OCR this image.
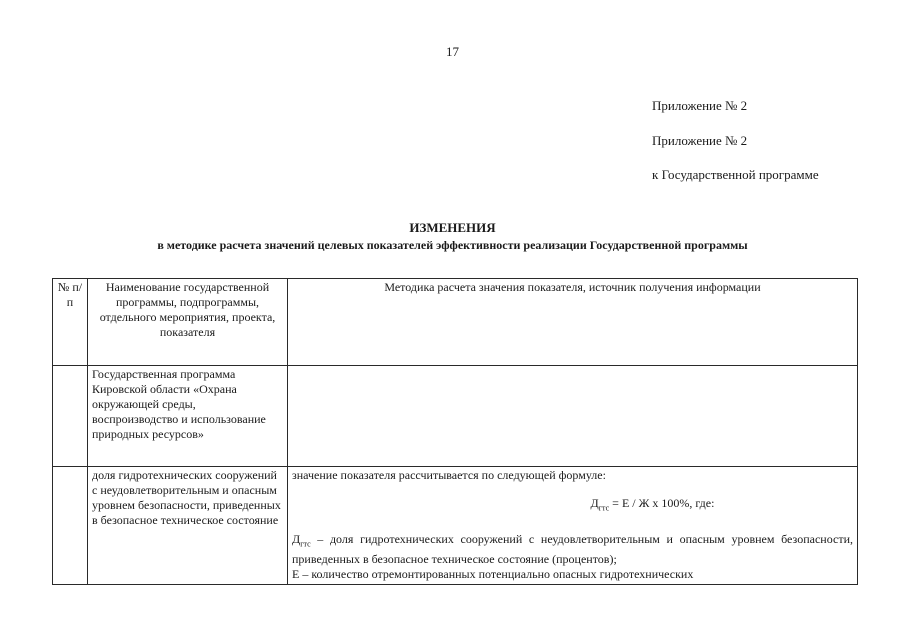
17
Приложение № 2
Приложение № 2
к Государственной программе
ИЗМЕНЕНИЯ
в методике расчета значений целевых показателей эффективности реализации Государственной программы
№ п/п	Наименование государственной программы, подпрограммы, отдельного мероприятия, проекта, показателя	Методика расчета значения показателя, источник получения информации
	Государственная программа Кировской области «Охрана окружающей среды, воспроизводство и использование природных ресурсов»	
	доля гидротехнических сооружений с неудовлетворительным и опасным уровнем безопасности, приведенных в безопасное техническое состояние	значение показателя рассчитывается по следующей формуле:
$Д_{гтс} = Е / Ж$ х 100%, где:

$Д_{гтс}$ – доля гидротехнических сооружений с неудовлетворительным и опасным уровнем безопасности, приведенных в безопасное техническое состояние (процентов);

Е – количество отремонтированных потенциально опасных гидротехнических
